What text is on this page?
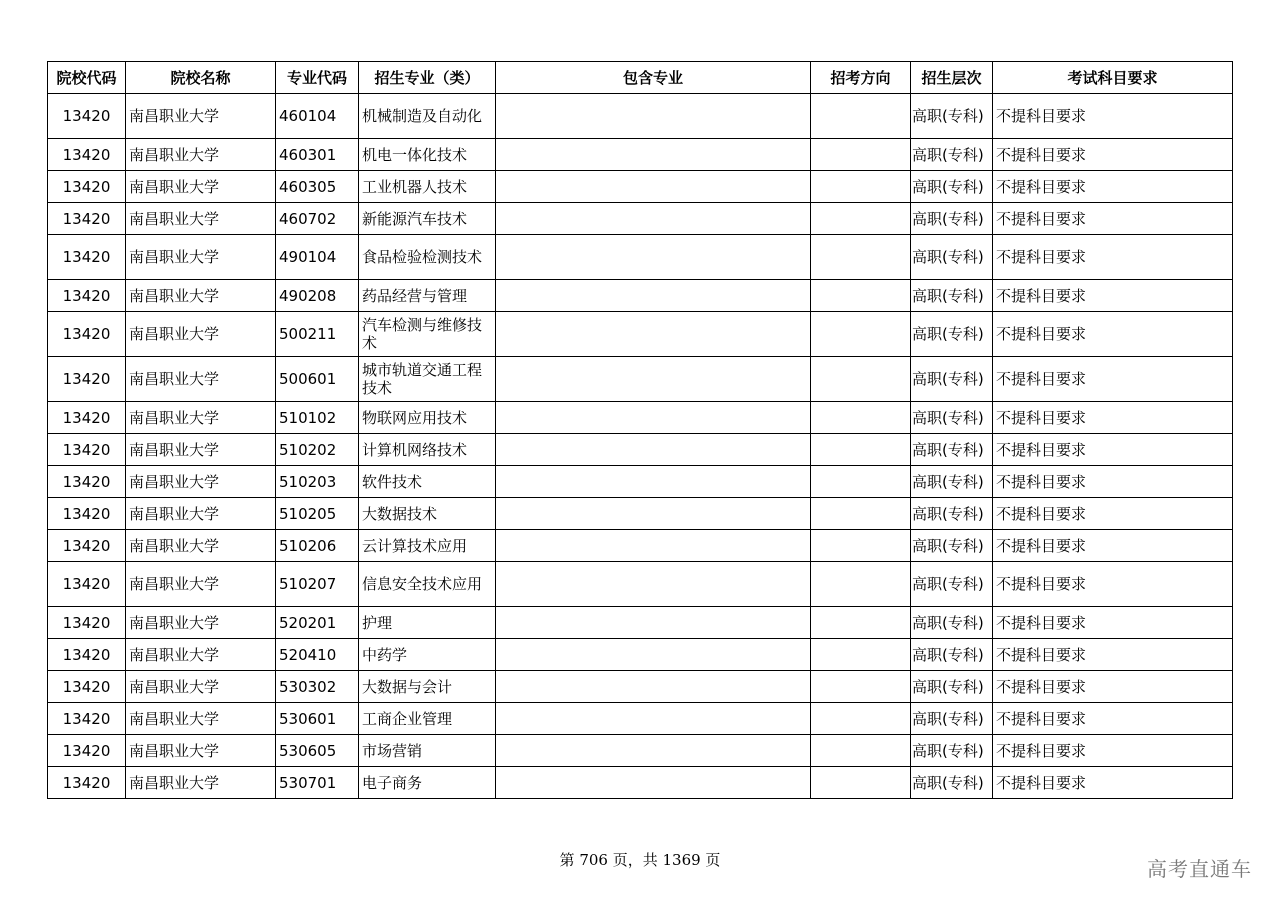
院校代码	院校名称	专业代码	招生专业（类）	包含专业	招考方向	招生层次	考试科目要求
13420	南昌职业大学	460104	机械制造及自动化			高职(专科)	不提科目要求
13420	南昌职业大学	460301	机电一体化技术			高职(专科)	不提科目要求
13420	南昌职业大学	460305	工业机器人技术			高职(专科)	不提科目要求
13420	南昌职业大学	460702	新能源汽车技术			高职(专科)	不提科目要求
13420	南昌职业大学	490104	食品检验检测技术			高职(专科)	不提科目要求
13420	南昌职业大学	490208	药品经营与管理			高职(专科)	不提科目要求
13420	南昌职业大学	500211	汽车检测与维修技术			高职(专科)	不提科目要求
13420	南昌职业大学	500601	城市轨道交通工程技术			高职(专科)	不提科目要求
13420	南昌职业大学	510102	物联网应用技术			高职(专科)	不提科目要求
13420	南昌职业大学	510202	计算机网络技术			高职(专科)	不提科目要求
13420	南昌职业大学	510203	软件技术			高职(专科)	不提科目要求
13420	南昌职业大学	510205	大数据技术			高职(专科)	不提科目要求
13420	南昌职业大学	510206	云计算技术应用			高职(专科)	不提科目要求
13420	南昌职业大学	510207	信息安全技术应用			高职(专科)	不提科目要求
13420	南昌职业大学	520201	护理			高职(专科)	不提科目要求
13420	南昌职业大学	520410	中药学			高职(专科)	不提科目要求
13420	南昌职业大学	530302	大数据与会计			高职(专科)	不提科目要求
13420	南昌职业大学	530601	工商企业管理			高职(专科)	不提科目要求
13420	南昌职业大学	530605	市场营销			高职(专科)	不提科目要求
13420	南昌职业大学	530701	电子商务			高职(专科)	不提科目要求
第 706 页，共 1369 页	高考直通车
